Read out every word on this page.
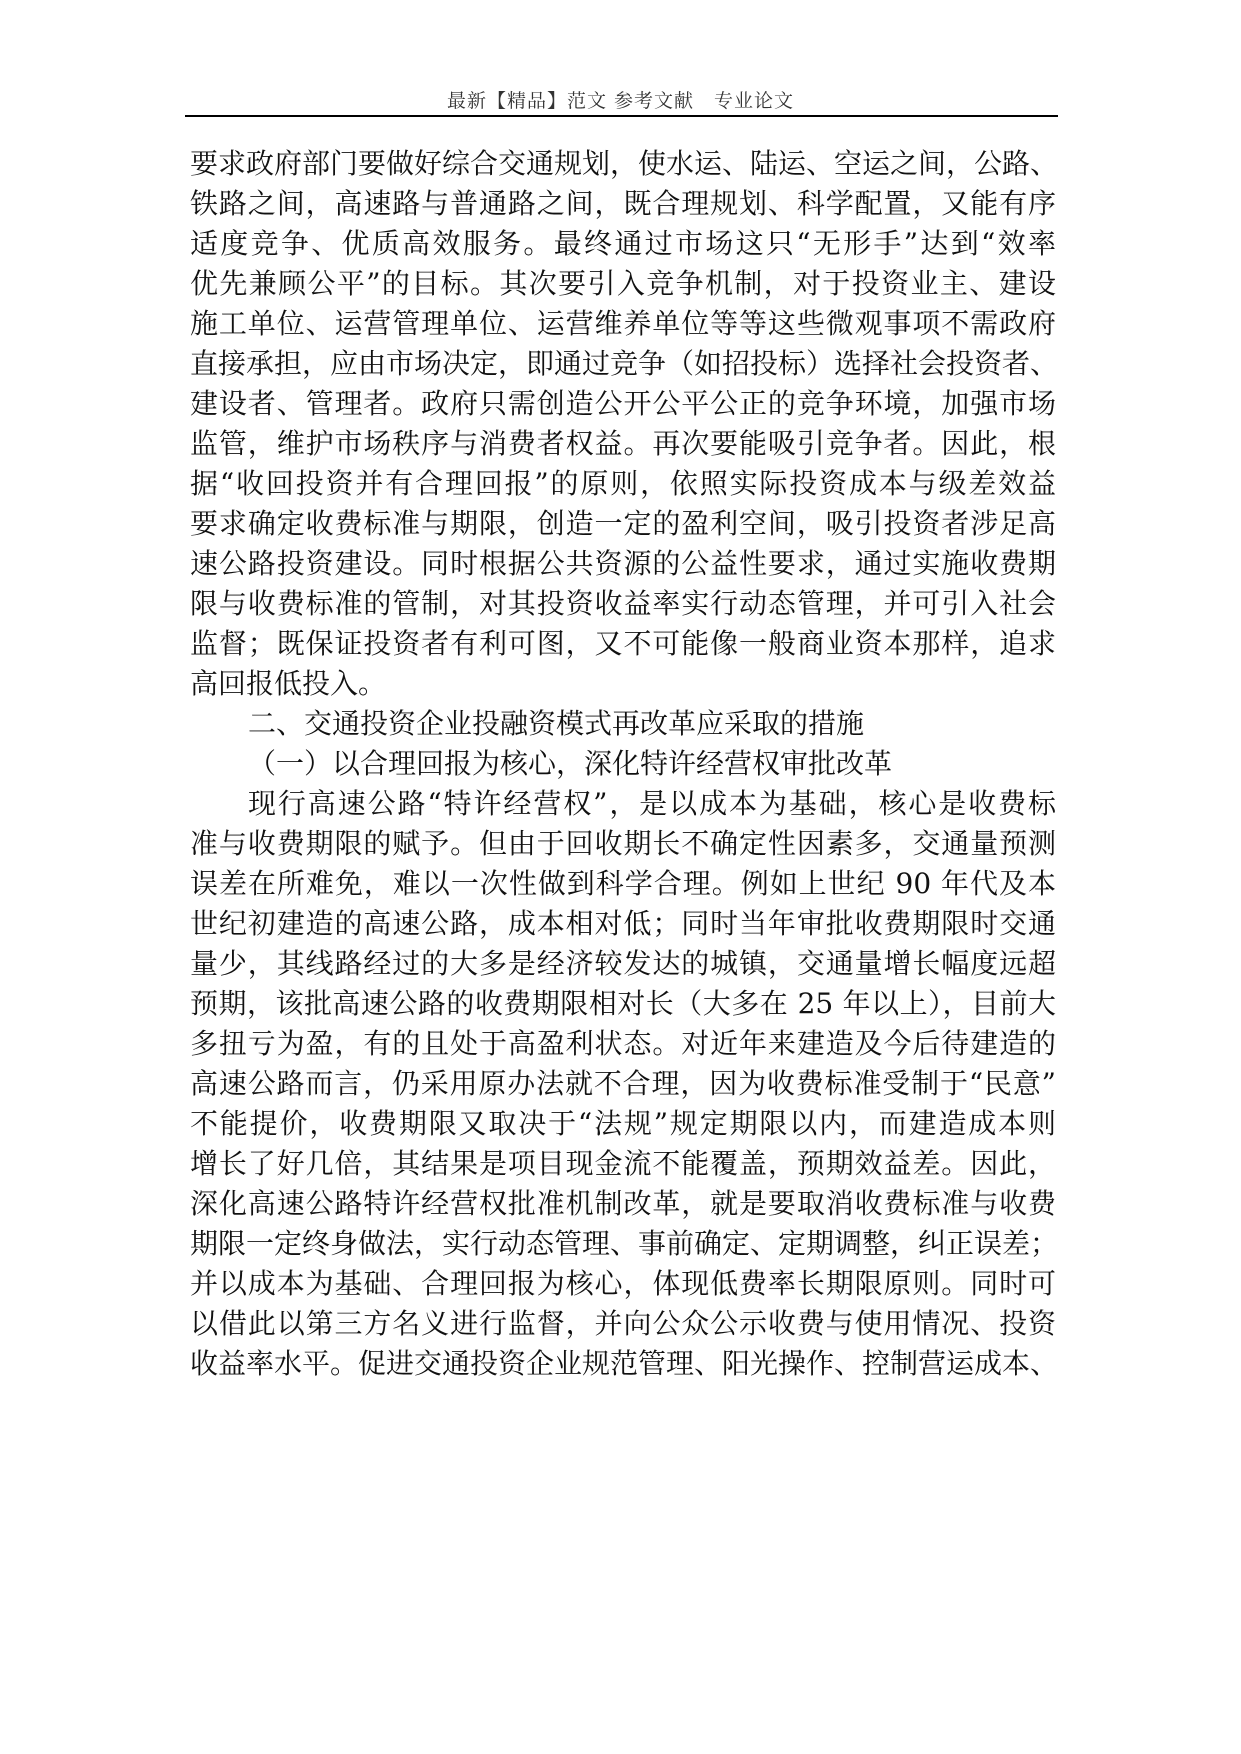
最新【精品】范文 参考文献　专业论文
要求政府部门要做好综合交通规划，使水运、陆运、空运之间，公路、
铁路之间，高速路与普通路之间，既合理规划、科学配置，又能有序
适度竞争、优质高效服务。最终通过市场这只“无形手”达到“效率
优先兼顾公平”的目标。其次要引入竞争机制，对于投资业主、建设
施工单位、运营管理单位、运营维养单位等等这些微观事项不需政府
直接承担，应由市场决定，即通过竞争（如招投标）选择社会投资者、
建设者、管理者。政府只需创造公开公平公正的竞争环境，加强市场
监管，维护市场秩序与消费者权益。再次要能吸引竞争者。因此，根
据“收回投资并有合理回报”的原则，依照实际投资成本与级差效益
要求确定收费标准与期限，创造一定的盈利空间，吸引投资者涉足高
速公路投资建设。同时根据公共资源的公益性要求，通过实施收费期
限与收费标准的管制，对其投资收益率实行动态管理，并可引入社会
监督；既保证投资者有利可图，又不可能像一般商业资本那样，追求
高回报低投入。
二、交通投资企业投融资模式再改革应采取的措施
（一）以合理回报为核心，深化特许经营权审批改革
现行高速公路“特许经营权”，是以成本为基础，核心是收费标
准与收费期限的赋予。但由于回收期长不确定性因素多，交通量预测
误差在所难免，难以一次性做到科学合理。例如上世纪 90 年代及本
世纪初建造的高速公路，成本相对低；同时当年审批收费期限时交通
量少，其线路经过的大多是经济较发达的城镇，交通量增长幅度远超
预期，该批高速公路的收费期限相对长（大多在 25 年以上），目前大
多扭亏为盈，有的且处于高盈利状态。对近年来建造及今后待建造的
高速公路而言，仍采用原办法就不合理，因为收费标准受制于“民意”
不能提价，收费期限又取决于“法规”规定期限以内，而建造成本则
增长了好几倍，其结果是项目现金流不能覆盖，预期效益差。因此，
深化高速公路特许经营权批准机制改革，就是要取消收费标准与收费
期限一定终身做法，实行动态管理、事前确定、定期调整，纠正误差；
并以成本为基础、合理回报为核心，体现低费率长期限原则。同时可
以借此以第三方名义进行监督，并向公众公示收费与使用情况、投资
收益率水平。促进交通投资企业规范管理、阳光操作、控制营运成本、
